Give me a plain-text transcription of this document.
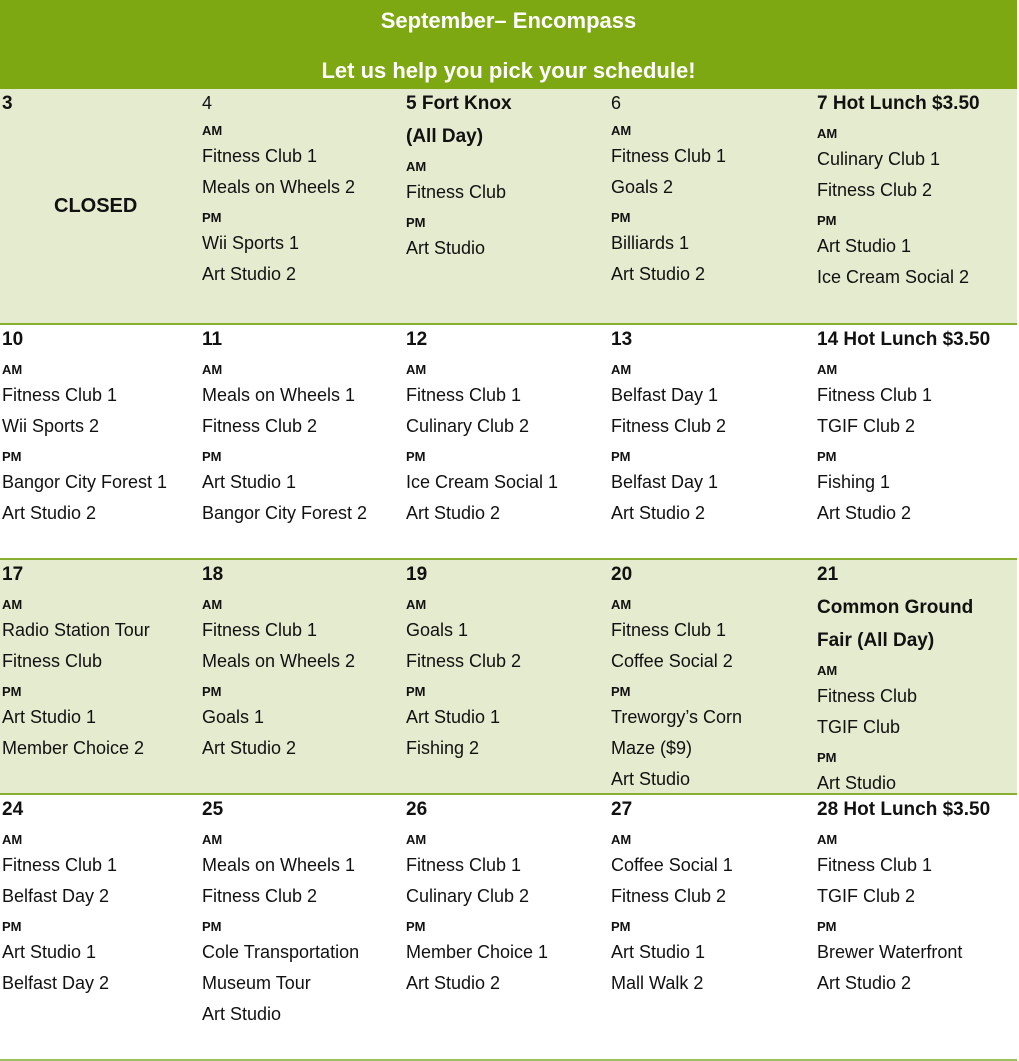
September– Encompass
Let us help you pick your schedule!
3
CLOSED
4
AM
Fitness Club 1
Meals on Wheels 2
PM
Wii Sports 1
Art Studio 2
5 Fort Knox
(All Day)
AM
Fitness Club
PM
Art Studio
6
AM
Fitness Club 1
Goals 2
PM
Billiards 1
Art Studio 2
7 Hot Lunch $3.50
AM
Culinary Club 1
Fitness Club 2
PM
Art Studio 1
Ice Cream Social 2
10
AM
Fitness Club 1
Wii Sports 2
PM
Bangor City Forest 1
Art Studio 2
11
AM
Meals on Wheels 1
Fitness Club 2
PM
Art Studio 1
Bangor City Forest 2
12
AM
Fitness Club 1
Culinary Club 2
PM
Ice Cream Social 1
Art Studio 2
13
AM
Belfast Day 1
Fitness Club 2
PM
Belfast Day 1
Art Studio 2
14 Hot Lunch $3.50
AM
Fitness Club 1
TGIF Club 2
PM
Fishing 1
Art Studio 2
17
AM
Radio Station Tour
Fitness Club
PM
Art Studio 1
Member Choice 2
18
AM
Fitness Club 1
Meals on Wheels 2
PM
Goals 1
Art Studio 2
19
AM
Goals 1
Fitness Club 2
PM
Art Studio 1
Fishing 2
20
AM
Fitness Club 1
Coffee Social 2
PM
Treworgy’s Corn
Maze ($9)
Art Studio
21
Common Ground
Fair (All Day)
AM
Fitness Club
TGIF Club
PM
Art Studio
24
AM
Fitness Club 1
Belfast Day 2
PM
Art Studio 1
Belfast Day 2
25
AM
Meals on Wheels 1
Fitness Club 2
PM
Cole Transportation
Museum Tour
Art Studio
26
AM
Fitness Club 1
Culinary Club 2
PM
Member Choice 1
Art Studio 2
27
AM
Coffee Social 1
Fitness Club 2
PM
Art Studio 1
Mall Walk 2
28 Hot Lunch $3.50
AM
Fitness Club 1
TGIF Club 2
PM
Brewer Waterfront
Art Studio 2
